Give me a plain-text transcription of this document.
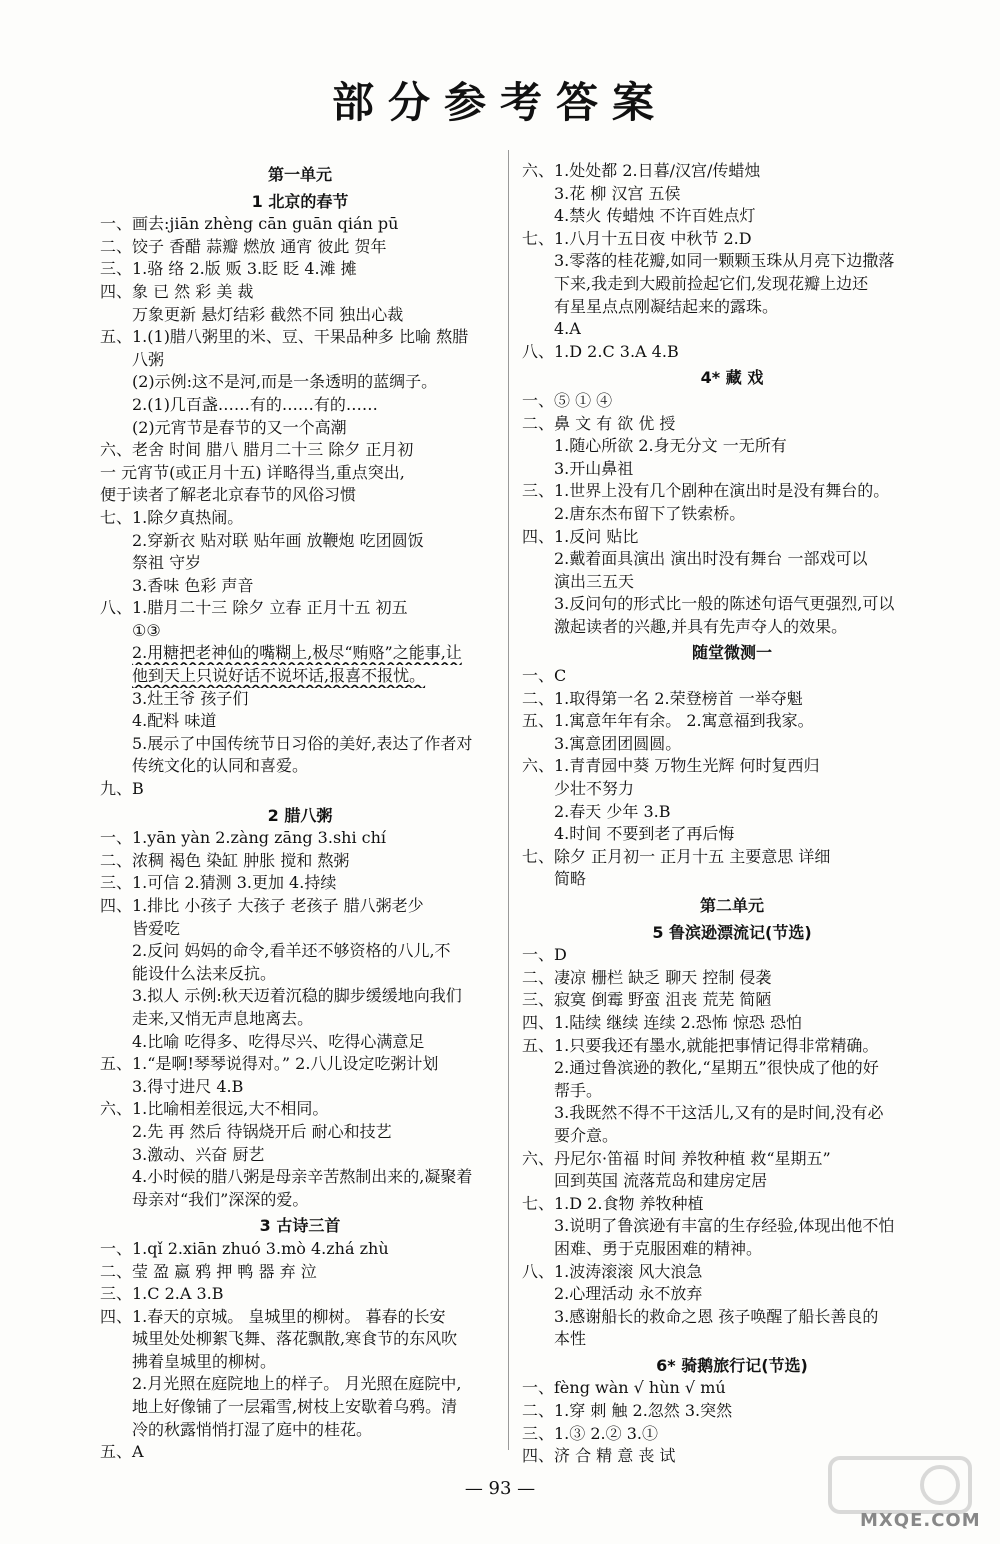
部分参考答案
第一单元
1 北京的春节
一、画去:jiān zhèng cān guān qián pū
二、饺子 香醋 蒜瓣 燃放 通宵 彼此 贺年
三、1.骆 络 2.版 贩 3.眨 眨 4.滩 摊
四、象 已 然 彩 美 裁
万象更新 悬灯结彩 截然不同 独出心裁
五、1.(1)腊八粥里的米、豆、干果品种多 比喻 熬腊
八粥
(2)示例:这不是河,而是一条透明的蓝绸子。
2.(1)几百盏……有的……有的……
(2)元宵节是春节的又一个高潮
六、老舍 时间 腊八 腊月二十三 除夕 正月初
一 元宵节(或正月十五) 详略得当,重点突出,
便于读者了解老北京春节的风俗习惯
七、1.除夕真热闹。
2.穿新衣 贴对联 贴年画 放鞭炮 吃团圆饭
祭祖 守岁
3.香味 色彩 声音
八、1.腊月二十三 除夕 立春 正月十五 初五
①③
2.用糖把老神仙的嘴糊上,极尽“贿赂”之能事,让
他到天上只说好话不说坏话,报喜不报忧。
3.灶王爷 孩子们
4.配料 味道
5.展示了中国传统节日习俗的美好,表达了作者对
传统文化的认同和喜爱。
九、B
2 腊八粥
一、1.yān yàn 2.zàng zāng 3.shi chí
二、浓稠 褐色 染缸 肿胀 搅和 熬粥
三、1.可信 2.猜测 3.更加 4.持续
四、1.排比 小孩子 大孩子 老孩子 腊八粥老少
皆爱吃
2.反问 妈妈的命令,看羊还不够资格的八儿,不
能设什么法来反抗。
3.拟人 示例:秋天迈着沉稳的脚步缓缓地向我们
走来,又悄无声息地离去。
4.比喻 吃得多、吃得尽兴、吃得心满意足
五、1.“是啊!琴琴说得对。” 2.八儿设定吃粥计划
3.得寸进尺 4.B
六、1.比喻相差很远,大不相同。
2.先 再 然后 待锅烧开后 耐心和技艺
3.激动、兴奋 厨艺
4.小时候的腊八粥是母亲辛苦熬制出来的,凝聚着
母亲对“我们”深深的爱。
3 古诗三首
一、1.qǐ 2.xiān zhuó 3.mò 4.zhá zhù
二、莹 盈 嬴 鸦 押 鸭 器 弃 泣
三、1.C 2.A 3.B
四、1.春天的京城。 皇城里的柳树。 暮春的长安
城里处处柳絮飞舞、落花飘散,寒食节的东风吹
拂着皇城里的柳树。
2.月光照在庭院地上的样子。 月光照在庭院中,
地上好像铺了一层霜雪,树枝上安歇着乌鸦。清
冷的秋露悄悄打湿了庭中的桂花。
五、A
六、1.处处都 2.日暮/汉宫/传蜡烛
3.花 柳 汉宫 五侯
4.禁火 传蜡烛 不许百姓点灯
七、1.八月十五日夜 中秋节 2.D
3.零落的桂花瓣,如同一颗颗玉珠从月亮下边撒落
下来,我走到大殿前捡起它们,发现花瓣上边还
有星星点点刚凝结起来的露珠。
4.A
八、1.D 2.C 3.A 4.B
4* 藏 戏
一、⑤ ① ④
二、鼻 文 有 欲 优 授
1.随心所欲 2.身无分文 一无所有
3.开山鼻祖
三、1.世界上没有几个剧种在演出时是没有舞台的。
2.唐东杰布留下了铁索桥。
四、1.反问 贴比
2.戴着面具演出 演出时没有舞台 一部戏可以
演出三五天
3.反问句的形式比一般的陈述句语气更强烈,可以
激起读者的兴趣,并具有先声夺人的效果。
随堂微测一
一、C
二、1.取得第一名 2.荣登榜首 一举夺魁
五、1.寓意年年有余。 2.寓意福到我家。
3.寓意团团圆圆。
六、1.青青园中葵 万物生光辉 何时复西归
少壮不努力
2.春天 少年 3.B
4.时间 不要到老了再后悔
七、除夕 正月初一 正月十五 主要意思 详细
简略
第二单元
5 鲁滨逊漂流记(节选)
一、D
二、凄凉 栅栏 缺乏 聊天 控制 侵袭
三、寂寞 倒霉 野蛮 沮丧 荒芜 简陋
四、1.陆续 继续 连续 2.恐怖 惊恐 恐怕
五、1.只要我还有墨水,就能把事情记得非常精确。
2.通过鲁滨逊的教化,“星期五”很快成了他的好
帮手。
3.我既然不得不干这活儿,又有的是时间,没有必
要介意。
六、丹尼尔·笛福 时间 养牧种植 救“星期五”
回到英国 流落荒岛和建房定居
七、1.D 2.食物 养牧种植
3.说明了鲁滨逊有丰富的生存经验,体现出他不怕
困难、勇于克服困难的精神。
八、1.波涛滚滚 风大浪急
2.心理活动 永不放弃
3.感谢船长的救命之恩 孩子唤醒了船长善良的
本性
6* 骑鹅旅行记(节选)
一、fèng wàn √ hùn √ mú
二、1.穿 刺 触 2.忽然 3.突然
三、1.③ 2.② 3.①
四、济 合 精 意 丧 试
— 93 —
MXQE.COM
